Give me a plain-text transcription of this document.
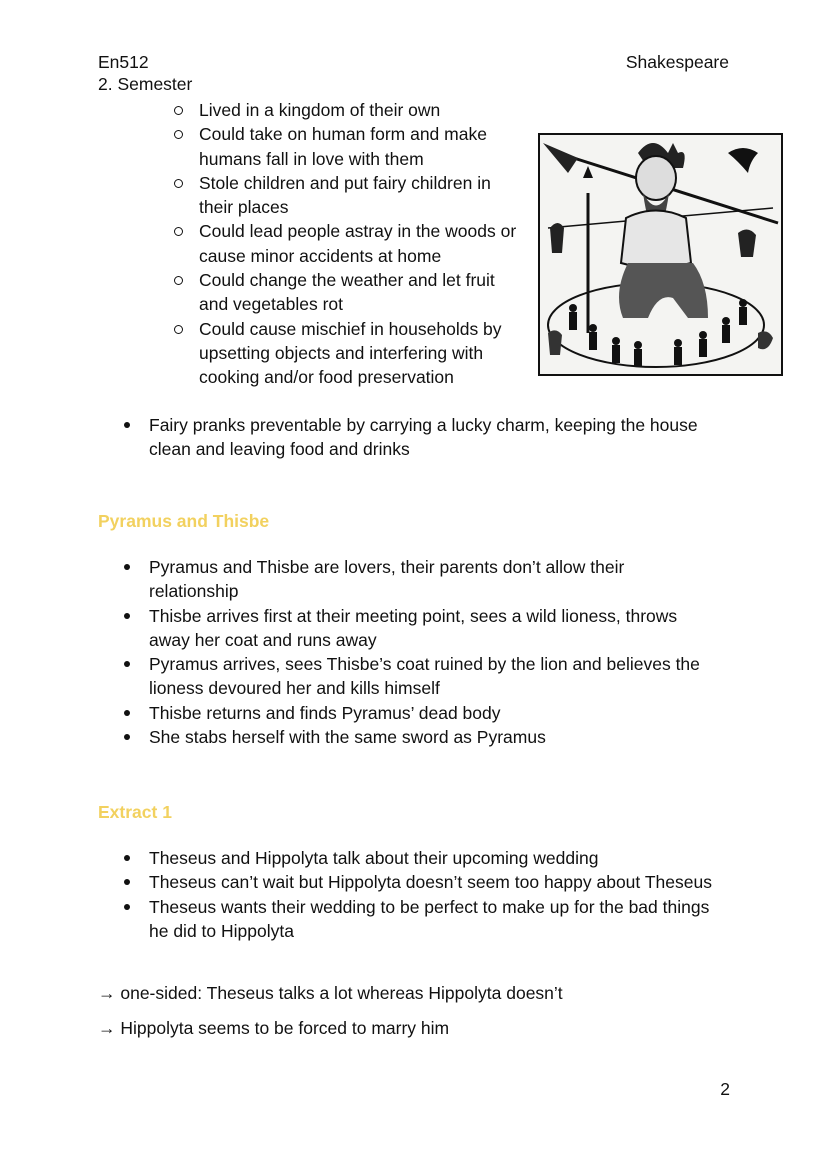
En512
2. Semester
Shakespeare
Lived in a kingdom of their own
Could take on human form and make humans fall in love with them
Stole children and put fairy children in their places
Could lead people astray in the woods or cause minor accidents at home
Could change the weather and let fruit and vegetables rot
Could cause mischief in households by upsetting objects and interfering with cooking and/or food preservation
Fairy pranks preventable by carrying a lucky charm, keeping the house clean and leaving food and drinks
Pyramus and Thisbe
Pyramus and Thisbe are lovers, their parents don’t allow their relationship
Thisbe arrives first at their meeting point, sees a wild lioness, throws away her coat and runs away
Pyramus arrives, sees Thisbe’s coat ruined by the lion and believes the lioness devoured her and kills himself
Thisbe returns and finds Pyramus’ dead body
She stabs herself with the same sword as Pyramus
Extract 1
Theseus and Hippolyta talk about their upcoming wedding
Theseus can’t wait but Hippolyta doesn’t seem too happy about Theseus
Theseus wants their wedding to be perfect to make up for the bad things he did to Hippolyta
→ one-sided: Theseus talks a lot whereas Hippolyta doesn’t
→ Hippolyta seems to be forced to marry him
2
